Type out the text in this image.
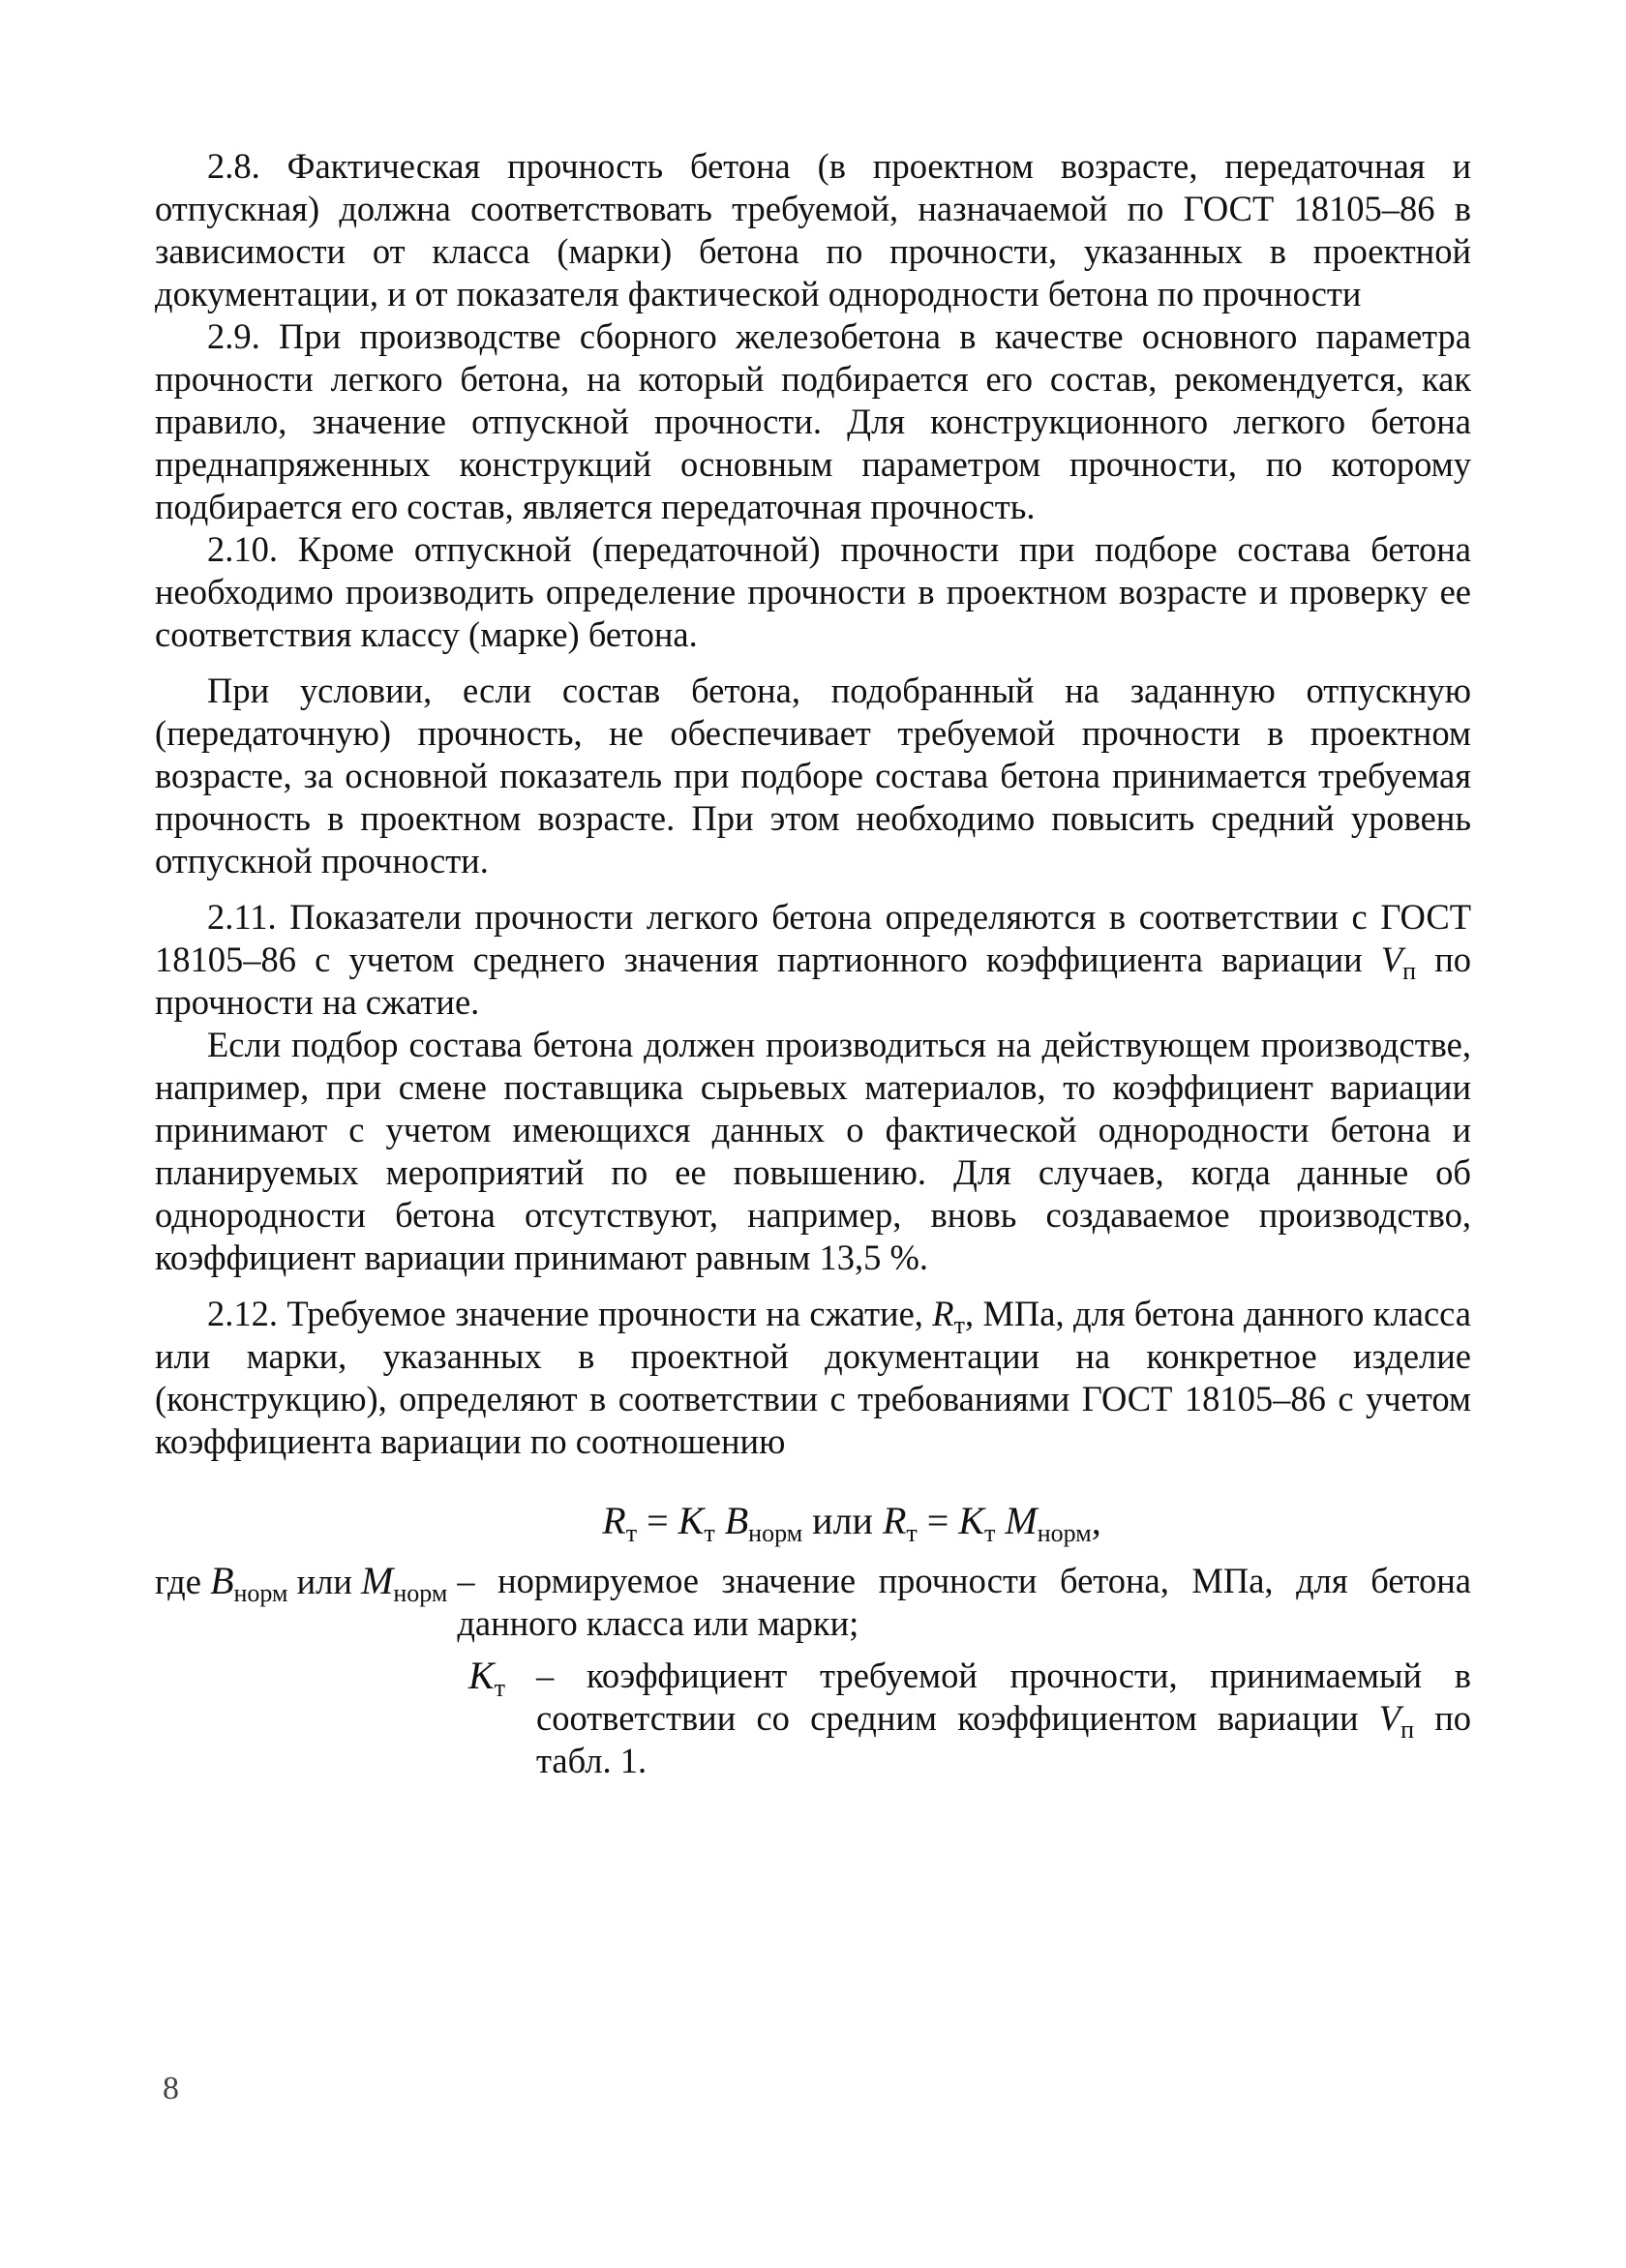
2.8. Фактическая прочность бетона (в проектном возрасте, передаточная и отпускная) должна соответствовать требуемой, назначаемой по ГОСТ 18105–86 в зависимости от класса (марки) бетона по прочности, указанных в проектной документации, и от показателя фактической однородности бетона по прочности

2.9. При производстве сборного железобетона в качестве основного параметра прочности легкого бетона, на который подбирается его состав, рекомендуется, как правило, значение отпускной прочности. Для конструкционного легкого бетона преднапряженных конструкций основным параметром прочности, по которому подбирается его состав, является передаточная прочность.

2.10. Кроме отпускной (передаточной) прочности при подборе состава бетона необходимо производить определение прочности в проектном возрасте и проверку ее соответствия классу (марке) бетона.

При условии, если состав бетона, подобранный на заданную отпускную (передаточную) прочность, не обеспечивает требуемой прочности в проектном возрасте, за основной показатель при подборе состава бетона принимается требуемая прочность в проектном возрасте. При этом необходимо повысить средний уровень отпускной прочности.

2.11. Показатели прочности легкого бетона определяются в соответствии с ГОСТ 18105–86 с учетом среднего значения партионного коэффициента вариации $V_п$ по прочности на сжатие.

Если подбор состава бетона должен производиться на действующем производстве, например, при смене поставщика сырьевых материалов, то коэффициент вариации принимают с учетом имеющихся данных о фактической однородности бетона и планируемых мероприятий по ее повышению. Для случаев, когда данные об однородности бетона отсутствуют, например, вновь создаваемое производство, коэффициент вариации принимают равным 13,5 %.

2.12. Требуемое значение прочности на сжатие, $R_т$, МПа, для бетона данного класса или марки, указанных в проектной документации на конкретное изделие (конструкцию), определяют в соответствии с требованиями ГОСТ 18105–86 с учетом коэффициента вариации по соотношению

$R_т = K_т$ $B_{норм}$ или $R_т = K_т$ $M_{норм}$,
где $B_{норм}$ или $M_{норм}$ – нормируемое значение прочности бетона, МПа, для бетона данного класса или марки;
$K_т$ – коэффициент требуемой прочности, принимаемый в соответствии со средним коэффициентом вариации $V_п$ по табл. 1.
8
